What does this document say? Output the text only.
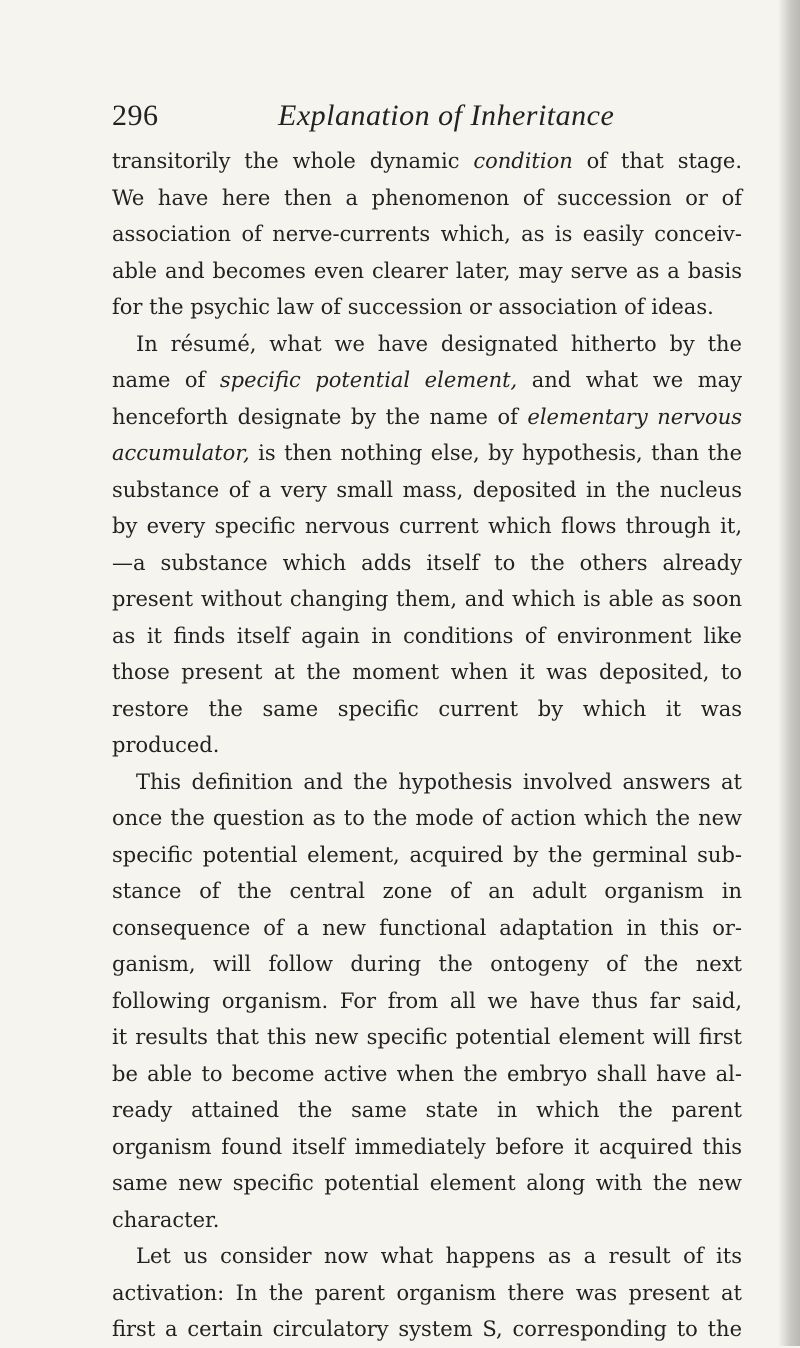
296	Explanation of Inheritance
transitorily the whole dynamic condition of that stage.
We have here then a phenomenon of succession or of
association of nerve-currents which, as is easily conceiv-
able and becomes even clearer later, may serve as a basis
for the psychic law of succession or association of ideas.
In résumé, what we have designated hitherto by the
name of specific potential element, and what we may
henceforth designate by the name of elementary nervous
accumulator, is then nothing else, by hypothesis, than the
substance of a very small mass, deposited in the nucleus
by every specific nervous current which flows through it,
—a substance which adds itself to the others already
present without changing them, and which is able as soon
as it finds itself again in conditions of environment like
those present at the moment when it was deposited, to
restore the same specific current by which it was
produced.
This definition and the hypothesis involved answers at
once the question as to the mode of action which the new
specific potential element, acquired by the germinal sub-
stance of the central zone of an adult organism in
consequence of a new functional adaptation in this or-
ganism, will follow during the ontogeny of the next
following organism. For from all we have thus far said,
it results that this new specific potential element will first
be able to become active when the embryo shall have al-
ready attained the same state in which the parent
organism found itself immediately before it acquired this
same new specific potential element along with the new
character.
Let us consider now what happens as a result of its
activation: In the parent organism there was present at
first a certain circulatory system S, corresponding to the
